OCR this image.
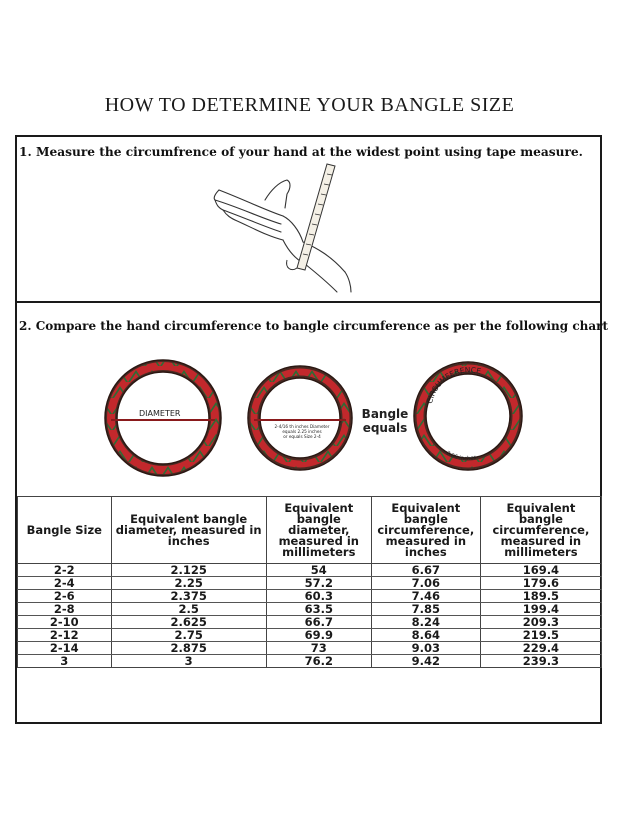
HOW TO DETERMINE YOUR BANGLE SIZE
1. Measure the circumfrence of your hand at the widest point using tape measure.
2. Compare the hand circumference to bangle circumference as per the following chart
DIAMETER
2-4/16 th inches Diameter
equals 2.25 inches
or equals Size 2-4
Bangle
equals
CIRCUMFERENCE
7.06 inches
Bangle Size	Equivalent bangle diameter, measured in inches	Equivalent bangle diameter, measured in millimeters	Equivalent bangle circumference, measured in inches	Equivalent bangle circumference, measured in millimeters
2-2	2.125	54	6.67	169.4
2-4	2.25	57.2	7.06	179.6
2-6	2.375	60.3	7.46	189.5
2-8	2.5	63.5	7.85	199.4
2-10	2.625	66.7	8.24	209.3
2-12	2.75	69.9	8.64	219.5
2-14	2.875	73	9.03	229.4
3	3	76.2	9.42	239.3
